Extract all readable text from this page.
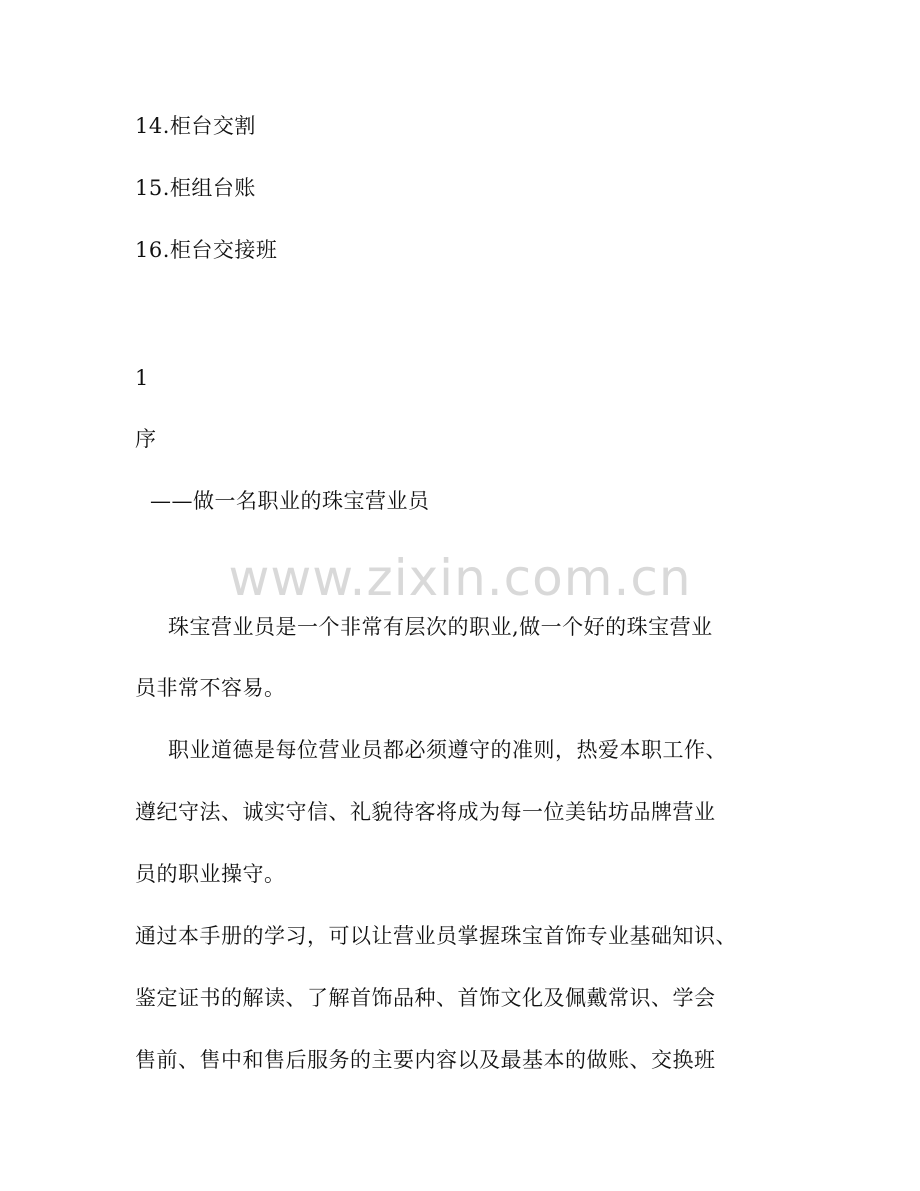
14.柜台交割
15.柜组台账
16.柜台交接班
1
序
——做一名职业的珠宝营业员
www.zixin.com.cn
珠宝营业员是一个非常有层次的职业,做一个好的珠宝营业
员非常不容易。
职业道德是每位营业员都必须遵守的准则，热爱本职工作、
遵纪守法、诚实守信、礼貌待客将成为每一位美钻坊品牌营业
员的职业操守。
通过本手册的学习，可以让营业员掌握珠宝首饰专业基础知识、
鉴定证书的解读、了解首饰品种、首饰文化及佩戴常识、学会
售前、售中和售后服务的主要内容以及最基本的做账、交换班
